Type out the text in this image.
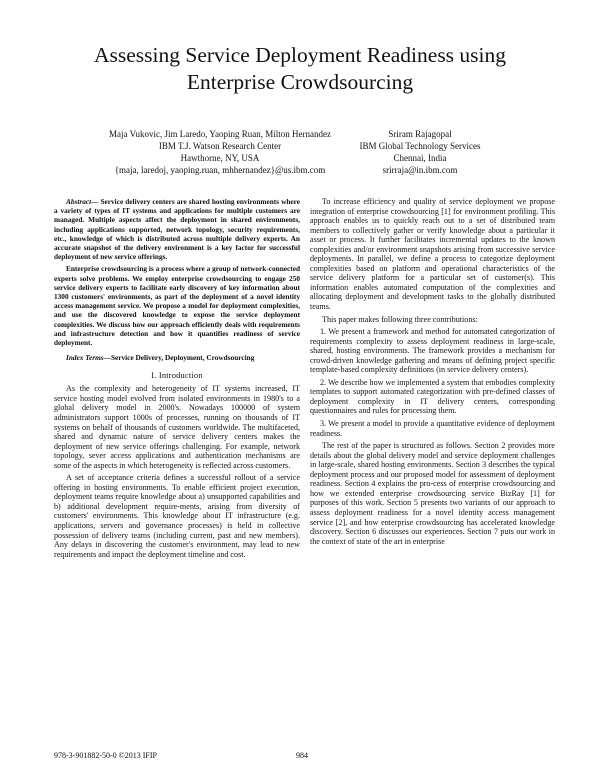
Assessing Service Deployment Readiness using
Enterprise Crowdsourcing
Maja Vukovic, Jim Laredo, Yaoping Ruan, Milton Hernandez
IBM T.J. Watson Research Center
Hawthorne, NY, USA
{maja, laredoj, yaoping.ruan, mhhernandez}@us.ibm.com
Sriram Rajagopal
IBM Global Technology Services
Chennai, India
srirraja@in.ibm.com

Abstract— Service delivery centers are shared hosting environments where a variety of types of IT systems and applications for multiple customers are managed. Multiple aspects affect the deployment in shared environments, including applications supported, network topology, security requirements, etc., knowledge of which is distributed across multiple delivery experts. An accurate snapshot of the delivery environment is a key factor for successful deployment of new service offerings.

Enterprise crowdsourcing is a process where a group of network-connected experts solve problems. We employ enterprise crowdsourcing to engage 250 service delivery experts to facilitate early discovery of key information about 1300 customers' environments, as part of the deployment of a novel identity access management service. We propose a model for deployment complexities, and use the discovered knowledge to expose the service deployment complexities. We discuss how our approach efficiently deals with requirements and infrastructure detection and how it quantifies readiness of service deployment.

Index Terms—Service Delivery, Deployment, Crowdsourcing

I. Introduction

As the complexity and heterogeneity of IT systems increased, IT service hosting model evolved from isolated environments in 1980's to a global delivery model in 2000's. Nowadays 100000 of system administrators support 1000s of processes, running on thousands of IT systems on behalf of thousands of customers worldwide. The multifaceted, shared and dynamic nature of service delivery centers makes the deployment of new service offerings challenging. For example, network topology, sever access applications and authentication mechanisms are some of the aspects in which heterogeneity is reflected across customers.

A set of acceptance criteria defines a successful rollout of a service offering in hosting environments. To enable efficient project execution, deployment teams require knowledge about a) unsupported capabilities and b) additional development require-ments, arising from diversity of customers' environments. This knowledge about IT infrastructure (e.g. applications, servers and governance processes) is held in collective possession of delivery teams (including current, past and new members). Any delays in discovering the customer's environment, may lead to new requirements and impact the deployment timeline and cost.

To increase efficiency and quality of service deployment we propose integration of enterprise crowdsourcing [1] for environment profiling. This approach enables us to quickly reach out to a set of distributed team members to collectively gather or verify knowledge about a particular it asset or process. It further facilitates incremental updates to the known complexities and/or environment snapshots arising from successive service deployments. In parallel, we define a process to categorize deployment complexities based on platform and operational characteristics of the service delivery platform for a particular set of customer(s). This information enables automated computation of the complexities and allocating deployment and development tasks to the globally distributed teams.

This paper makes following three contributions:

1. We present a framework and method for automated categorization of requirements complexity to assess deployment readiness in large-scale, shared, hosting environments. The framework provides a mechanism for crowd-driven knowledge gathering and means of defining project specific template-based complexity definitions (in service delivery centers).

2. We describe how we implemented a system that embodies complexity templates to support automated categorization with pre-defined classes of deployment complexity in IT delivery centers, corresponding questionnaires and rules for processing them.

3. We present a model to provide a quantitative evidence of deployment readiness.

The rest of the paper is structured as follows. Section 2 provides more details about the global delivery model and service deployment challenges in large-scale, shared hosting environments. Section 3 describes the typical deployment process and our proposed model for assessment of deployment readiness. Section 4 explains the pro-cess of enterprise crowdsourcing and how we extended enterprise crowdsourcing service BizRay [1] for purposes of this work. Section 5 presents two variants of our approach to assess deployment readiness for a novel identity access management service [2], and how enterprise crowdsourcing has accelerated knowledge discovery. Section 6 discusses our experiences. Section 7 puts our work in the context of state of the art in enterprise

978-3-901882-50-0 ©2013 IFIP	984
